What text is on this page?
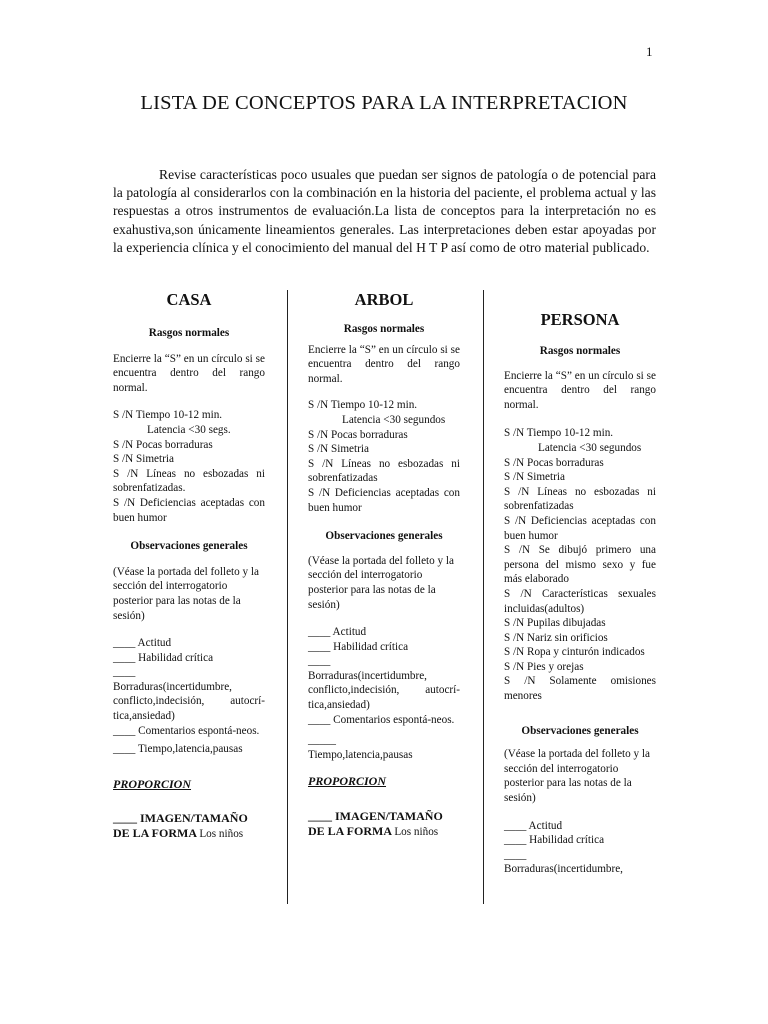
1
LISTA DE CONCEPTOS PARA LA INTERPRETACION

Revise características poco usuales que puedan ser signos de patología o de potencial para la patología al considerarlos con la combinación en la historia del paciente, el problema actual y las respuestas a otros instrumentos de evaluación.La lista de conceptos para la interpretación no es exahustiva,son únicamente lineamientos generales. Las interpretaciones deben estar apoyadas por la experiencia clínica y el conocimiento del manual del H T P así como de otro material publicado.

CASA
Rasgos normales

Encierre la “S” en un círculo si se encuentra dentro del rango normal.

S /N Tiempo 10-12 min.

Latencia <30 segs.

S /N Pocas borraduras

S /N Simetria

S /N Líneas no esbozadas ni sobrenfatizadas.

S /N Deficiencias aceptadas con buen humor

Observaciones generales

(Véase la portada del folleto y la sección del interrogatorio posterior para las notas de la sesión)

____ Actitud

____ Habilidad crítica

____

Borraduras(incertidumbre, conflicto,indecisión, autocrí-tica,ansiedad)

____ Comentarios espontá-neos.

____ Tiempo,latencia,pausas

PROPORCION

____ IMAGEN/TAMAÑO DE LA FORMA Los niños

ARBOL
Rasgos normales

Encierre la “S” en un círculo si se encuentra dentro del rango normal.

S /N Tiempo 10-12 min.

Latencia <30 segundos

S /N Pocas borraduras

S /N Simetria

S /N Líneas no esbozadas ni sobrenfatizadas

S /N Deficiencias aceptadas con buen humor

Observaciones generales

(Véase la portada del folleto y la sección del interrogatorio posterior para las notas de la sesión)

____ Actitud

____ Habilidad crítica

____

Borraduras(incertidumbre, conflicto,indecisión, autocrí-tica,ansiedad)

____ Comentarios espontá-neos.

_____

Tiempo,latencia,pausas

PROPORCION

____ IMAGEN/TAMAÑO DE LA FORMA Los niños

PERSONA
Rasgos normales

Encierre la “S” en un círculo si se encuentra dentro del rango normal.

S /N Tiempo 10-12 min.

Latencia <30 segundos

S /N Pocas borraduras

S /N Simetria

S /N Líneas no esbozadas ni sobrenfatizadas

S /N Deficiencias aceptadas con buen humor

S /N Se dibujó primero una persona del mismo sexo y fue más elaborado

S /N Características sexuales incluidas(adultos)

S /N Pupilas dibujadas

S /N Nariz sin orificios

S /N Ropa y cinturón indicados

S /N Pies y orejas

S /N Solamente omisiones menores

Observaciones generales

(Véase la portada del folleto y la sección del interrogatorio posterior para las notas de la sesión)

____ Actitud

____ Habilidad crítica

____

Borraduras(incertidumbre,
